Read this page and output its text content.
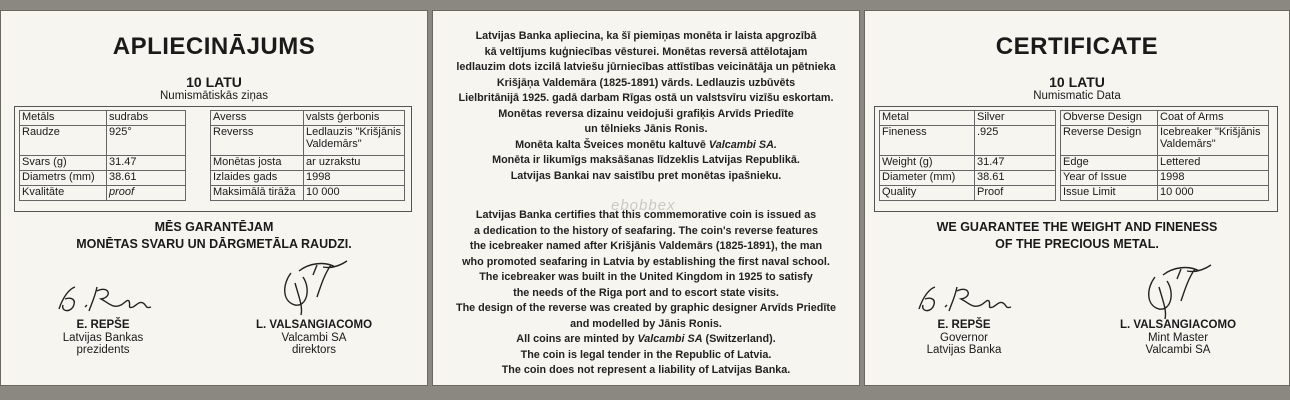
APLIECINĀJUMS
10 LATU
Numismātiskās ziņas
Metāls	sudrabs
Raudze	925°
Svars (g)	31.47
Diametrs (mm)	38.61
Kvalitāte	proof
Averss	valsts ģerbonis
Reverss	Ledlauzis "Krišjānis Valdemārs"
Monētas josta	ar uzrakstu
Izlaides gads	1998
Maksimālā tirāža	10 000
MĒS GARANTĒJAM
MONĒTAS SVARU UN DĀRGMETĀLA RAUDZI.
E. REPŠE
Latvijas Bankas
prezidents
L. VALSANGIACOMO
Valcambi SA
direktors
ebobbex

Latvijas Banka apliecina, ka šī piemiņas monēta ir laista apgrozībā

kā veltījums kuģniecības vēsturei. Monētas reversā attēlotajam

ledlauzim dots izcilā latviešu jūrniecības attīstības veicinātāja un pētnieka

Krišjāņa Valdemāra (1825-1891) vārds. Ledlauzis uzbūvēts

Lielbritānijā 1925. gadā darbam Rīgas ostā un valstsvīru vizīšu eskortam.

Monētas reversa dizainu veidojuši grafiķis Arvīds Priedīte

un tēlnieks Jānis Ronis.

Monēta kalta Šveices monētu kaltuvē Valcambi SA.

Monēta ir likumīgs maksāšanas līdzeklis Latvijas Republikā.

Latvijas Bankai nav saistību pret monētas ipašnieku.

Latvijas Banka certifies that this commemorative coin is issued as

a dedication to the history of seafaring. The coin's reverse features

the icebreaker named after Krišjānis Valdemārs (1825-1891), the man

who promoted seafaring in Latvia by establishing the first naval school.

The icebreaker was built in the United Kingdom in 1925 to satisfy

the needs of the Riga port and to escort state visits.

The design of the reverse was created by graphic designer Arvīds Priedīte

and modelled by Jānis Ronis.

All coins are minted by Valcambi SA (Switzerland).

The coin is legal tender in the Republic of Latvia.

The coin does not represent a liability of Latvijas Banka.

CERTIFICATE
10 LATU
Numismatic Data
Metal	Silver
Fineness	.925
Weight (g)	31.47
Diameter (mm)	38.61
Quality	Proof
Obverse Design	Coat of Arms
Reverse Design	Icebreaker "Krišjānis Valdemārs"
Edge	Lettered
Year of Issue	1998
Issue Limit	10 000
WE GUARANTEE THE WEIGHT AND FINENESS
OF THE PRECIOUS METAL.
E. REPŠE
Governor
Latvijas Banka
L. VALSANGIACOMO
Mint Master
Valcambi SA
